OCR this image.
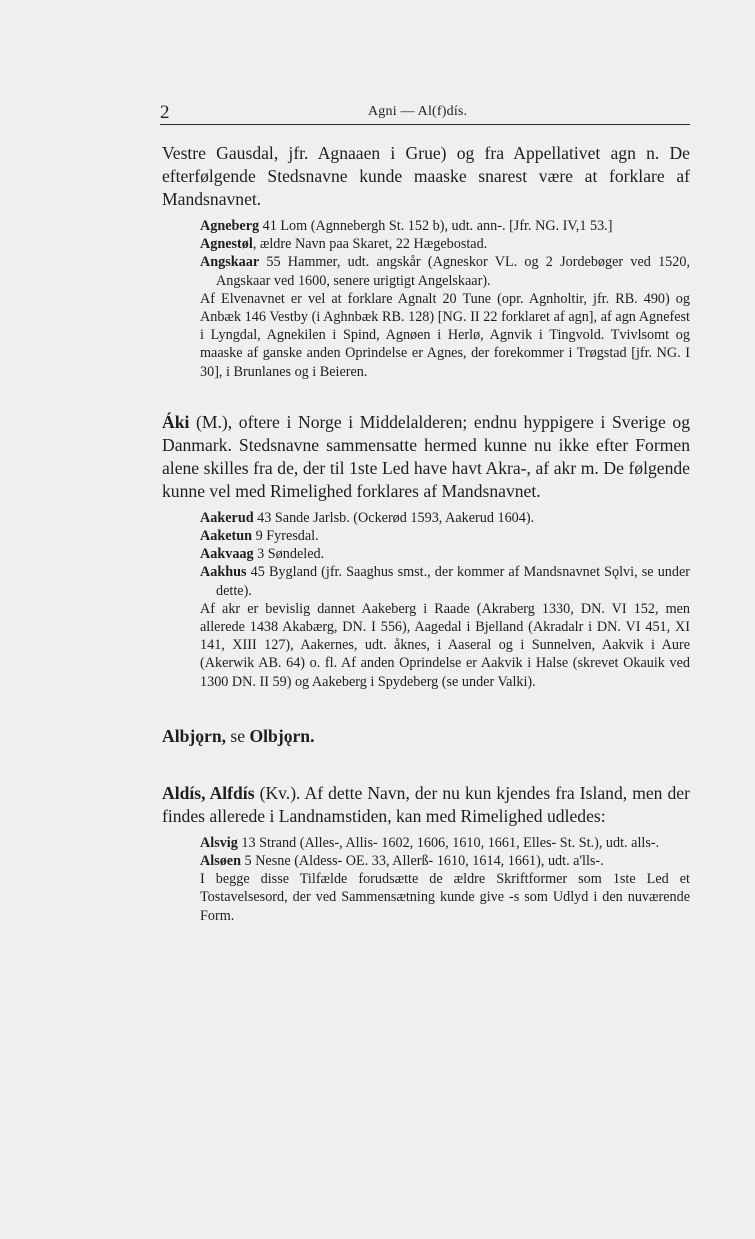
2	Agni — Al(f)dís.

Vestre Gausdal, jfr. Agnaaen i Grue) og fra Appellativet agn n. De efterfølgende Stedsnavne kunde maaske snarest være at forklare af Mandsnavnet.

Agneberg 41 Lom (Agnnebergh St. 152 b), udt. ann-. [Jfr. NG. IV,1 53.]

Agnestøl, ældre Navn paa Skaret, 22 Hægebostad.

Angskaar 55 Hammer, udt. angskår (Agneskor VL. og 2 Jordebøger ved 1520, Angskaar ved 1600, senere urigtigt Angelskaar).

Af Elvenavnet er vel at forklare Agnalt 20 Tune (opr. Agnholtir, jfr. RB. 490) og Anbæk 146 Vestby (i Aghnbæk RB. 128) [NG. II 22 forklaret af agn], af agn Agnefest i Lyngdal, Agnekilen i Spind, Agnøen i Herlø, Agnvik i Tingvold. Tvivlsomt og maaske af ganske anden Oprindelse er Agnes, der forekommer i Trøgstad [jfr. NG. I 30], i Brunlanes og i Beieren.

Áki (M.), oftere i Norge i Middelalderen; endnu hyppigere i Sverige og Danmark. Stedsnavne sammensatte hermed kunne nu ikke efter Formen alene skilles fra de, der til 1ste Led have havt Akra-, af akr m. De følgende kunne vel med Rimelighed forklares af Mandsnavnet.

Aakerud 43 Sande Jarlsb. (Ockerød 1593, Aakerud 1604).

Aaketun 9 Fyresdal.

Aakvaag 3 Søndeled.

Aakhus 45 Bygland (jfr. Saaghus smst., der kommer af Mandsnavnet Sǫlvi, se under dette).

Af akr er bevislig dannet Aakeberg i Raade (Akraberg 1330, DN. VI 152, men allerede 1438 Akabærg, DN. I 556), Aagedal i Bjelland (Akradalr i DN. VI 451, XI 141, XIII 127), Aakernes, udt. åknes, i Aaseral og i Sunnelven, Aakvik i Aure (Akerwik AB. 64) o. fl. Af anden Oprindelse er Aakvik i Halse (skrevet Okauik ved 1300 DN. II 59) og Aakeberg i Spydeberg (se under Valki).

Albjǫrn, se Olbjǫrn.

Aldís, Alfdís (Kv.). Af dette Navn, der nu kun kjendes fra Island, men der findes allerede i Landnamstiden, kan med Rimelighed udledes:

Alsvig 13 Strand (Alles-, Allis- 1602, 1606, 1610, 1661, Elles- St. St.), udt. alls-.

Alsøen 5 Nesne (Aldess- OE. 33, Allerß- 1610, 1614, 1661), udt. a'lls-.

I begge disse Tilfælde forudsætte de ældre Skriftformer som 1ste Led et Tostavelsesord, der ved Sammensætning kunde give -s som Udlyd i den nuværende Form.
